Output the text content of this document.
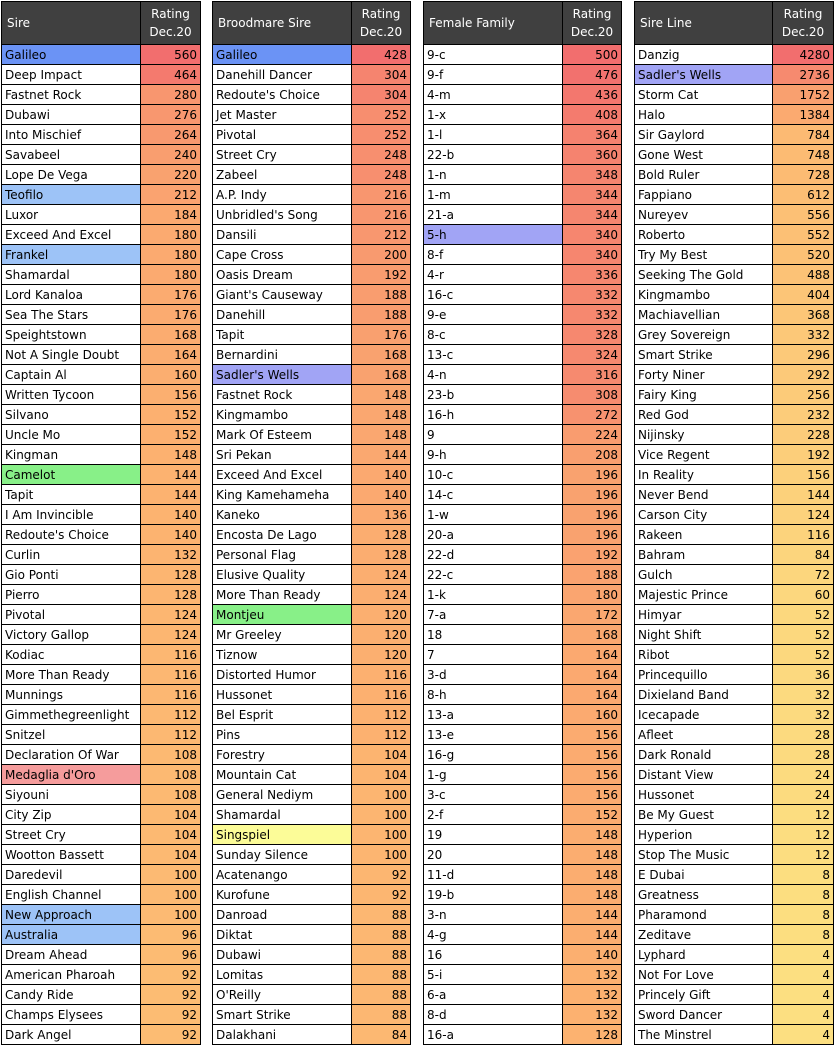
Sire	Rating
Dec.20
Galileo	560
Deep Impact	464
Fastnet Rock	280
Dubawi	276
Into Mischief	264
Savabeel	240
Lope De Vega	220
Teofilo	212
Luxor	184
Exceed And Excel	180
Frankel	180
Shamardal	180
Lord Kanaloa	176
Sea The Stars	176
Speightstown	168
Not A Single Doubt	164
Captain Al	160
Written Tycoon	156
Silvano	152
Uncle Mo	152
Kingman	148
Camelot	144
Tapit	144
I Am Invincible	140
Redoute's Choice	140
Curlin	132
Gio Ponti	128
Pierro	128
Pivotal	124
Victory Gallop	124
Kodiac	116
More Than Ready	116
Munnings	116
Gimmethegreenlight	112
Snitzel	112
Declaration Of War	108
Medaglia d'Oro	108
Siyouni	108
City Zip	104
Street Cry	104
Wootton Bassett	104
Daredevil	100
English Channel	100
New Approach	100
Australia	96
Dream Ahead	96
American Pharoah	92
Candy Ride	92
Champs Elysees	92
Dark Angel	92
Broodmare Sire	Rating
Dec.20
Galileo	428
Danehill Dancer	304
Redoute's Choice	304
Jet Master	252
Pivotal	252
Street Cry	248
Zabeel	248
A.P. Indy	216
Unbridled's Song	216
Dansili	212
Cape Cross	200
Oasis Dream	192
Giant's Causeway	188
Danehill	188
Tapit	176
Bernardini	168
Sadler's Wells	168
Fastnet Rock	148
Kingmambo	148
Mark Of Esteem	148
Sri Pekan	144
Exceed And Excel	140
King Kamehameha	140
Kaneko	136
Encosta De Lago	128
Personal Flag	128
Elusive Quality	124
More Than Ready	124
Montjeu	120
Mr Greeley	120
Tiznow	120
Distorted Humor	116
Hussonet	116
Bel Esprit	112
Pins	112
Forestry	104
Mountain Cat	104
General Nediym	100
Shamardal	100
Singspiel	100
Sunday Silence	100
Acatenango	92
Kurofune	92
Danroad	88
Diktat	88
Dubawi	88
Lomitas	88
O'Reilly	88
Smart Strike	88
Dalakhani	84
Female Family	Rating
Dec.20
9-c	500
9-f	476
4-m	436
1-x	408
1-l	364
22-b	360
1-n	348
1-m	344
21-a	344
5-h	340
8-f	340
4-r	336
16-c	332
9-e	332
8-c	328
13-c	324
4-n	316
23-b	308
16-h	272
9	224
9-h	208
10-c	196
14-c	196
1-w	196
20-a	196
22-d	192
22-c	188
1-k	180
7-a	172
18	168
7	164
3-d	164
8-h	164
13-a	160
13-e	156
16-g	156
1-g	156
3-c	156
2-f	152
19	148
20	148
11-d	148
19-b	148
3-n	144
4-g	144
16	140
5-i	132
6-a	132
8-d	132
16-a	128
Sire Line	Rating
Dec.20
Danzig	4280
Sadler's Wells	2736
Storm Cat	1752
Halo	1384
Sir Gaylord	784
Gone West	748
Bold Ruler	728
Fappiano	612
Nureyev	556
Roberto	552
Try My Best	520
Seeking The Gold	488
Kingmambo	404
Machiavellian	368
Grey Sovereign	332
Smart Strike	296
Forty Niner	292
Fairy King	256
Red God	232
Nijinsky	228
Vice Regent	192
In Reality	156
Never Bend	144
Carson City	124
Rakeen	116
Bahram	84
Gulch	72
Majestic Prince	60
Himyar	52
Night Shift	52
Ribot	52
Princequillo	36
Dixieland Band	32
Icecapade	32
Afleet	28
Dark Ronald	28
Distant View	24
Hussonet	24
Be My Guest	12
Hyperion	12
Stop The Music	12
E Dubai	8
Greatness	8
Pharamond	8
Zeditave	8
Lyphard	4
Not For Love	4
Princely Gift	4
Sword Dancer	4
The Minstrel	4
